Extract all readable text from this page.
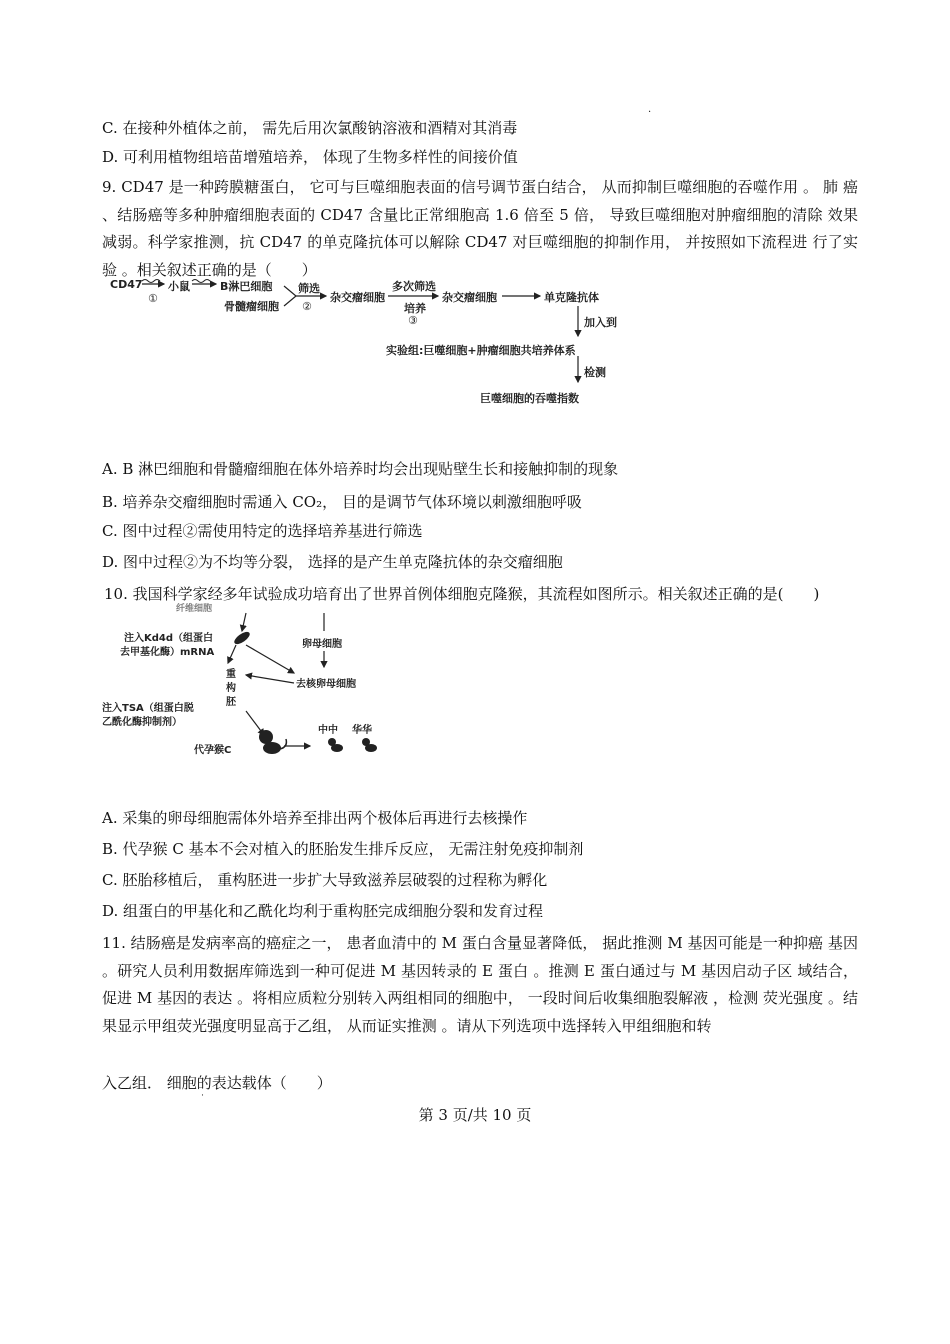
.
C. 在接种外植体之前， 需先后用次氯酸钠溶液和酒精对其消毒
D. 可利用植物组培苗增殖培养， 体现了生物多样性的间接价值
9. CD47 是一种跨膜糖蛋白， 它可与巨噬细胞表面的信号调节蛋白结合， 从而抑制巨噬细胞的吞噬作用 。 肺 癌 、结肠癌等多种肿瘤细胞表面的 CD47 含量比正常细胞高 1.6 倍至 5 倍， 导致巨噬细胞对肿瘤细胞的清除 效果减弱。科学家推测，抗 CD47 的单克隆抗体可以解除 CD47 对巨噬细胞的抑制作用， 并按照如下流程进 行了实验 。相关叙述正确的是（　　）
CD47
①
小鼠	B淋巴细胞
骨髓瘤细胞
筛选
②
杂交瘤细胞
多次筛选
培养
③
杂交瘤细胞	单克隆抗体
加入到
实验组:巨噬细胞+肿瘤细胞共培养体系
检测
巨噬细胞的吞噬指数
A. B 淋巴细胞和骨髓瘤细胞在体外培养时均会出现贴壁生长和接触抑制的现象
B. 培养杂交瘤细胞时需通入 CO₂， 目的是调节气体环境以刺激细胞呼吸
C. 图中过程②需使用特定的选择培养基进行筛选
D. 图中过程②为不均等分裂， 选择的是产生单克隆抗体的杂交瘤细胞
10. 我国科学家经多年试验成功培育出了世界首例体细胞克隆猴，其流程如图所示。相关叙述正确的是(　　)
纤维细胞
注入Kd4d（组蛋白
去甲基化酶）mRNA
卵母细胞
重
构
胚
去核卵母细胞
注入TSA（组蛋白脱
乙酰化酶抑制剂）
代孕猴C
中中 华华
A. 采集的卵母细胞需体外培养至排出两个极体后再进行去核操作
B. 代孕猴 C 基本不会对植入的胚胎发生排斥反应， 无需注射免疫抑制剂
C. 胚胎移植后， 重构胚进一步扩大导致滋养层破裂的过程称为孵化
D. 组蛋白的甲基化和乙酰化均利于重构胚完成细胞分裂和发育过程
11. 结肠癌是发病率高的癌症之一， 患者血清中的 M 蛋白含量显著降低， 据此推测 M 基因可能是一种抑癌 基因 。研究人员利用数据库筛选到一种可促进 M 基因转录的 E 蛋白 。推测 E 蛋白通过与 M 基因启动子区 域结合，促进 M 基因的表达 。将相应质粒分别转入两组相同的细胞中， 一段时间后收集细胞裂解液 ，检测 荧光强度 。结果显示甲组荧光强度明显高于乙组， 从而证实推测 。请从下列选项中选择转入甲组细胞和转
入乙组． 细胞的表达载体（　　）
˙
第 3 页/共 10 页
